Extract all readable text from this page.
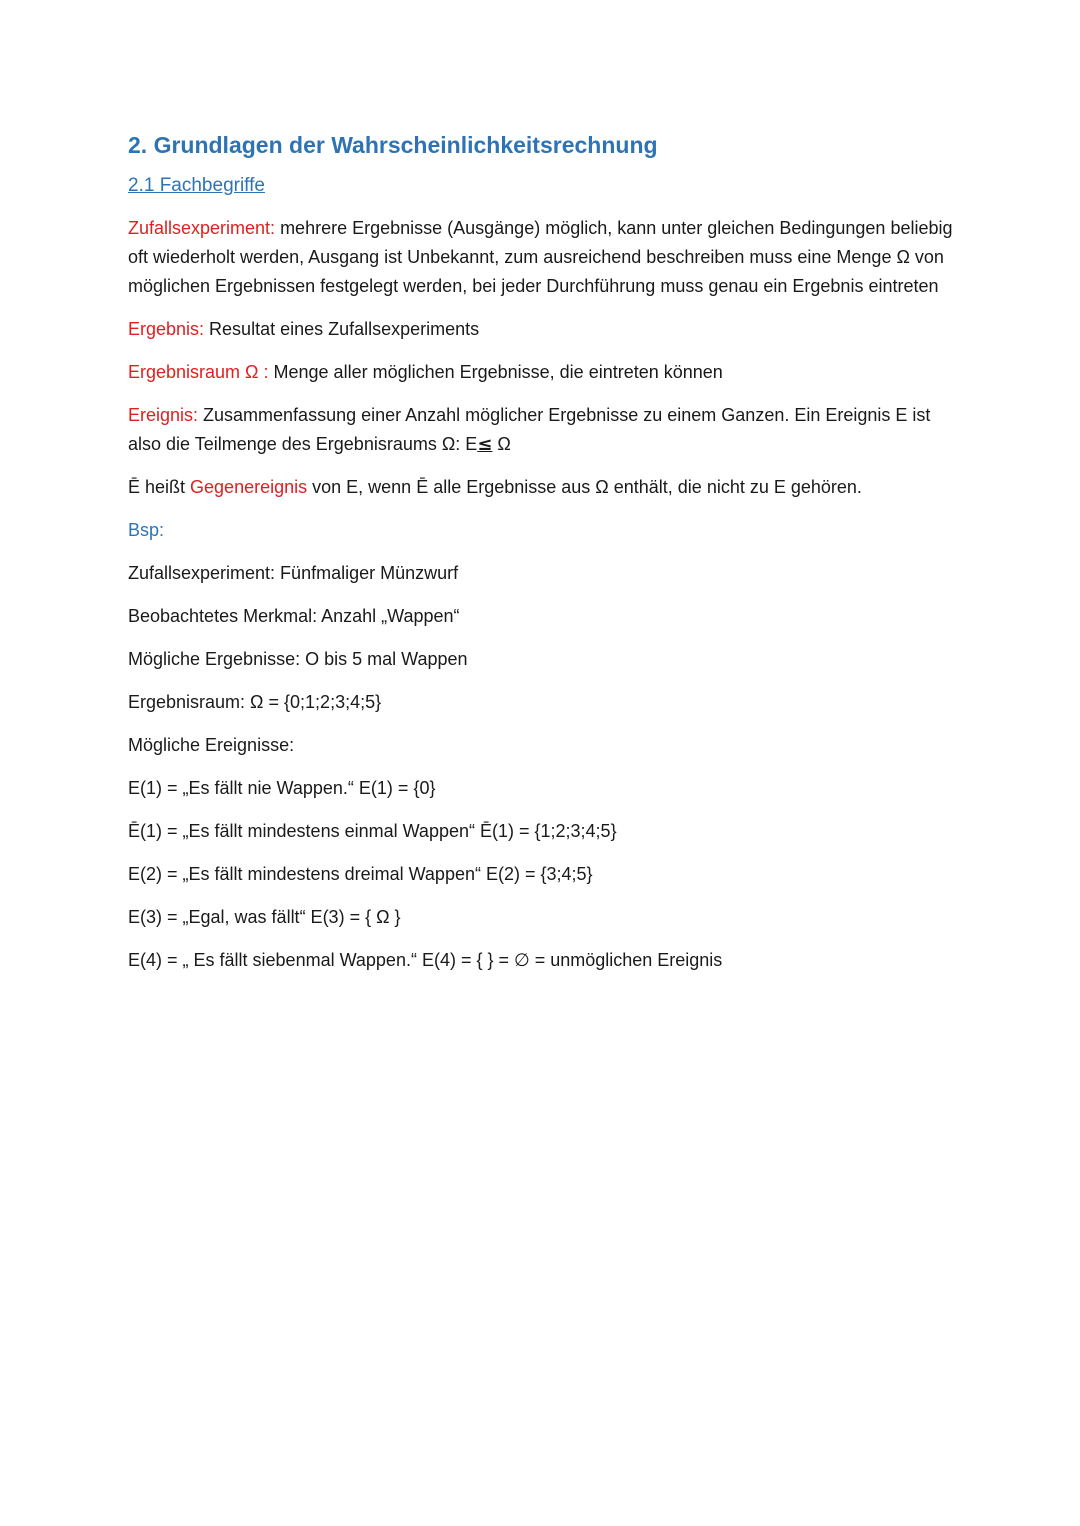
2. Grundlagen der Wahrscheinlichkeitsrechnung
2.1 Fachbegriffe

Zufallsexperiment: mehrere Ergebnisse (Ausgänge) möglich, kann unter gleichen Bedingungen beliebig oft wiederholt werden, Ausgang ist Unbekannt, zum ausreichend beschreiben muss eine Menge Ω von möglichen Ergebnissen festgelegt werden, bei jeder Durchführung muss genau ein Ergebnis eintreten

Ergebnis: Resultat eines Zufallsexperiments

Ergebnisraum Ω : Menge aller möglichen Ergebnisse, die eintreten können

Ereignis: Zusammenfassung einer Anzahl möglicher Ergebnisse zu einem Ganzen. Ein Ereignis E ist also die Teilmenge des Ergebnisraums Ω: E≤ Ω

Ē heißt Gegenereignis von E, wenn Ē alle Ergebnisse aus Ω enthält, die nicht zu E gehören.

Bsp:

Zufallsexperiment: Fünfmaliger Münzwurf

Beobachtetes Merkmal: Anzahl „Wappen“

Mögliche Ergebnisse: O bis 5 mal Wappen

Ergebnisraum: Ω = {0;1;2;3;4;5}

Mögliche Ereignisse:

E(1) = „Es fällt nie Wappen.“ E(1) = {0}

Ē(1) = „Es fällt mindestens einmal Wappen“ Ē(1) = {1;2;3;4;5}

E(2) = „Es fällt mindestens dreimal Wappen“ E(2) = {3;4;5}

E(3) = „Egal, was fällt“ E(3) = { Ω }

E(4) = „ Es fällt siebenmal Wappen.“ E(4) = { } = ∅ = unmöglichen Ereignis
